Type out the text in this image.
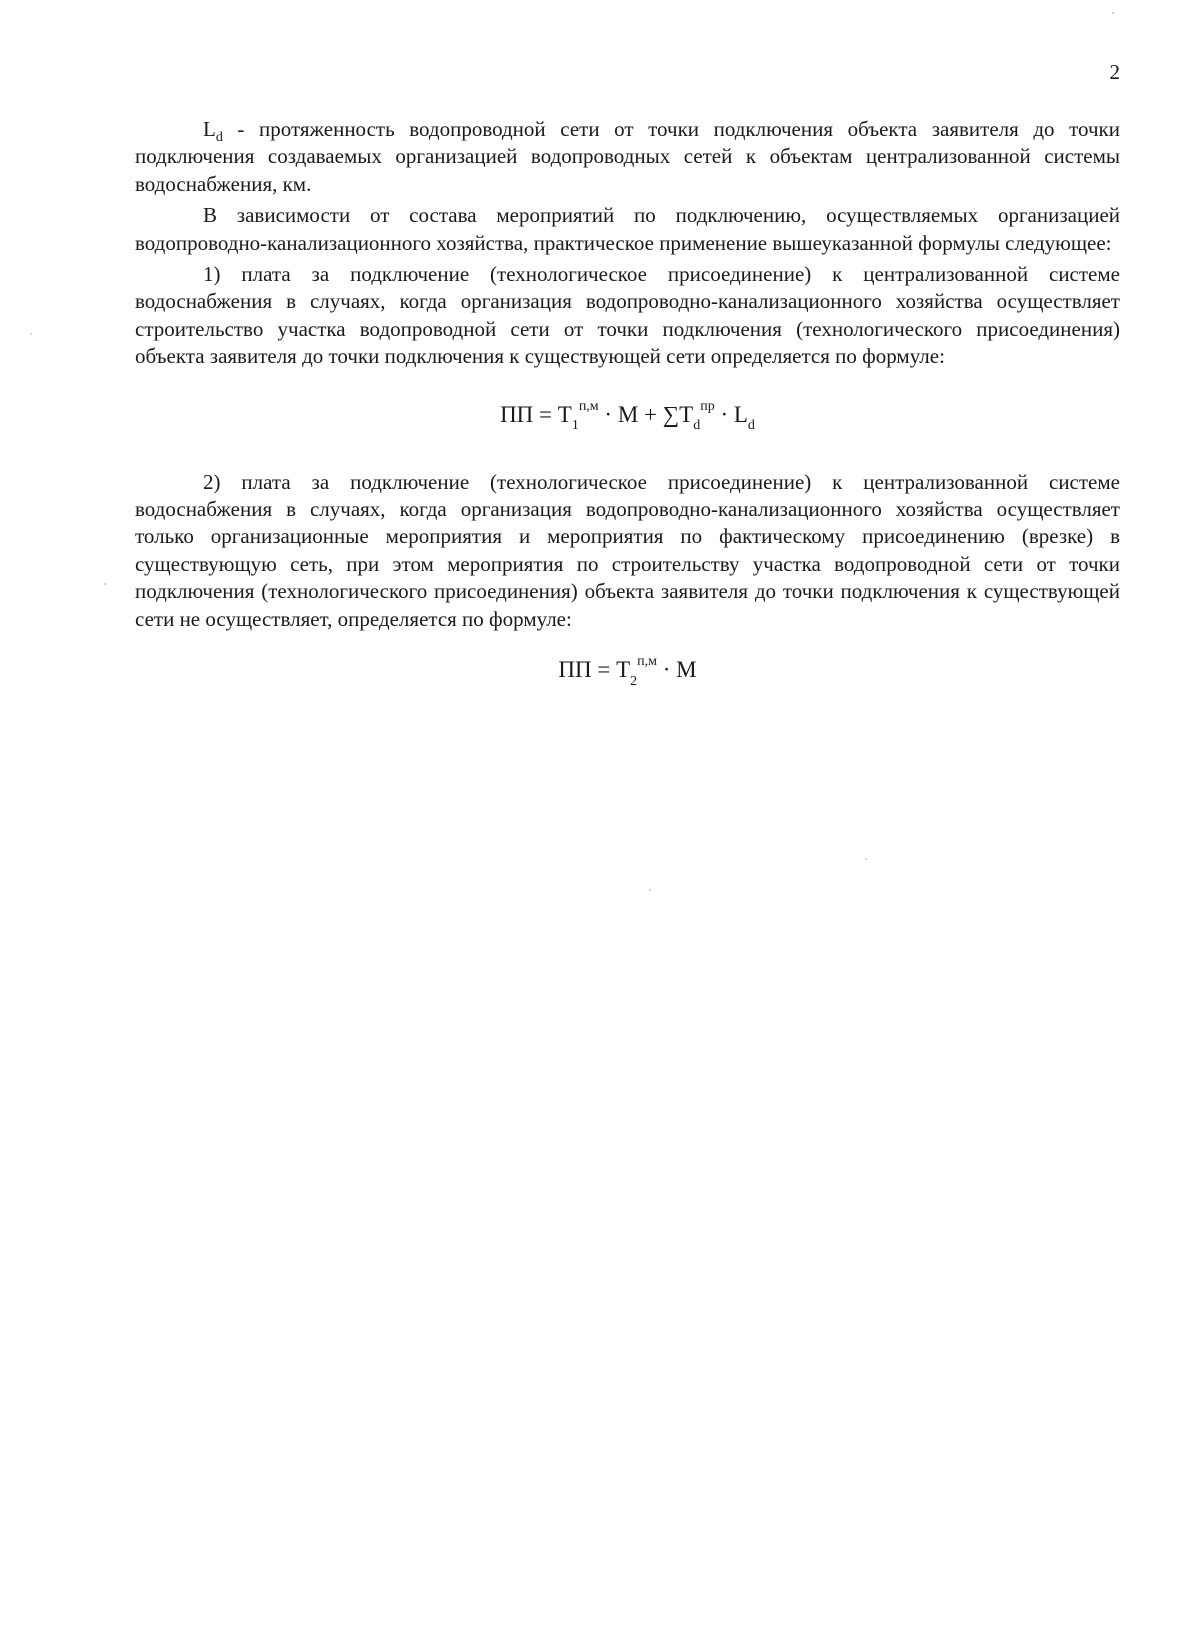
2

$L_d$ - протяженность водопроводной сети от точки подключения объекта заявителя до точки подключения создаваемых организацией водопроводных сетей к объектам централизованной системы водоснабжения, км.

В зависимости от состава мероприятий по подключению, осуществляемых организацией водопроводно-канализационного хозяйства, практическое применение вышеуказанной формулы следующее:

1) плата за подключение (технологическое присоединение) к централизованной системе водоснабжения в случаях, когда организация водопроводно-канализационного хозяйства осуществляет строительство участка водопроводной сети от точки подключения (технологического присоединения) объекта заявителя до точки подключения к существующей сети определяется по формуле:

ПП = $Т_1^{п,м} \cdot М + \sum Т_d^{пр} \cdot L_d$

2) плата за подключение (технологическое присоединение) к централизованной системе водоснабжения в случаях, когда организация водопроводно-канализационного хозяйства осуществляет только организационные мероприятия и мероприятия по фактическому присоединению (врезке) в существующую сеть, при этом мероприятия по строительству участка водопроводной сети от точки подключения (технологического присоединения) объекта заявителя до точки подключения к существующей сети не осуществляет, определяется по формуле:

ПП = $Т_2^{п,м} \cdot М$
